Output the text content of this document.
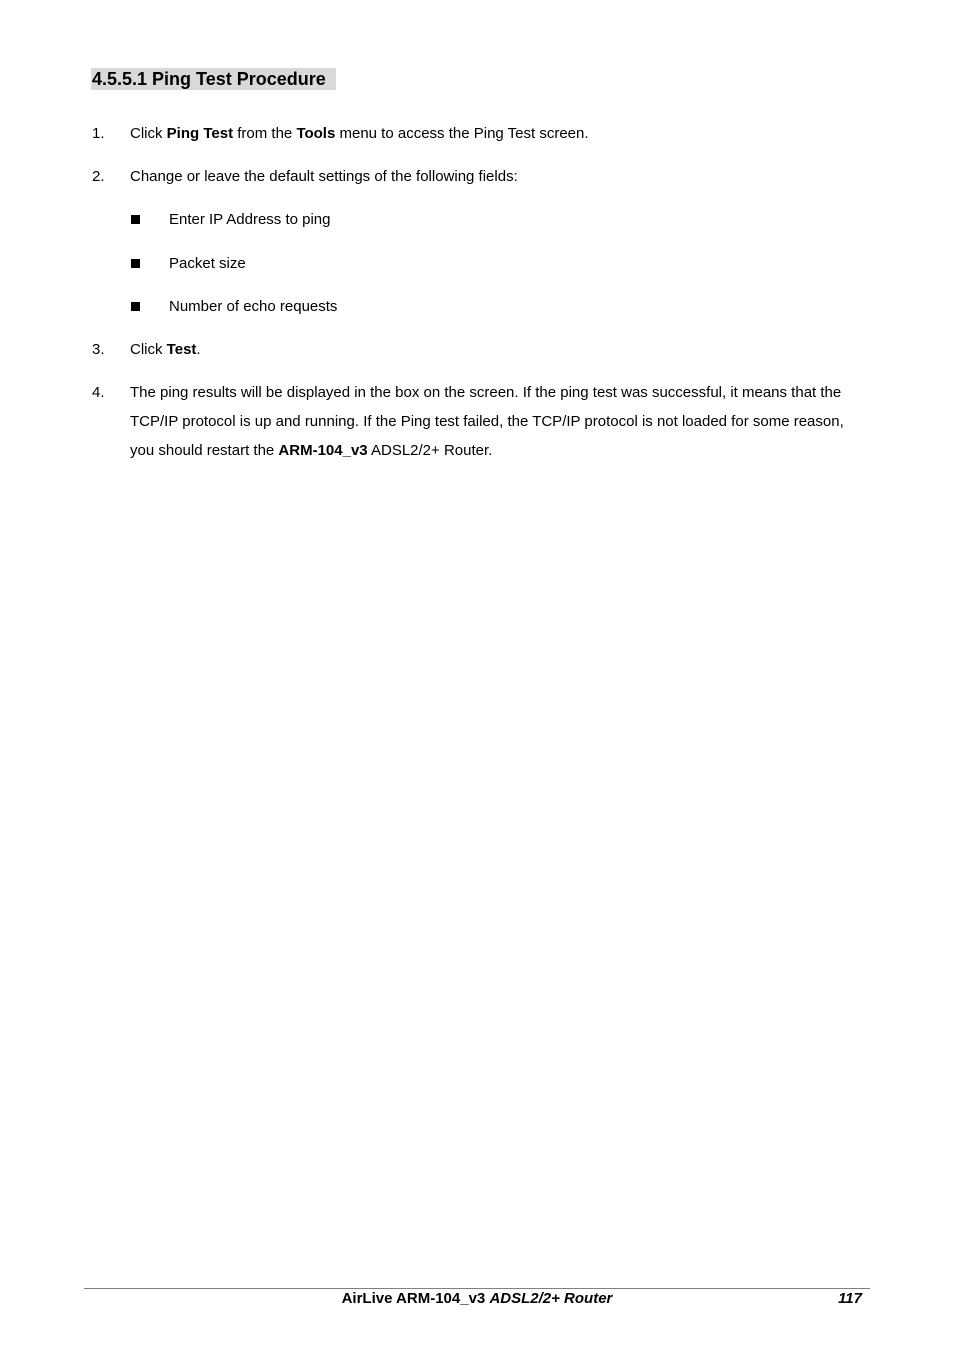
4.5.5.1 Ping Test Procedure
1. Click Ping Test from the Tools menu to access the Ping Test screen.
2. Change or leave the default settings of the following fields:
Enter IP Address to ping
Packet size
Number of echo requests
3. Click Test.
4. The ping results will be displayed in the box on the screen. If the ping test was successful, it means that the TCP/IP protocol is up and running. If the Ping test failed, the TCP/IP protocol is not loaded for some reason, you should restart the ARM-104_v3 ADSL2/2+ Router.
AirLive ARM-104_v3 ADSL2/2+ Router	117
